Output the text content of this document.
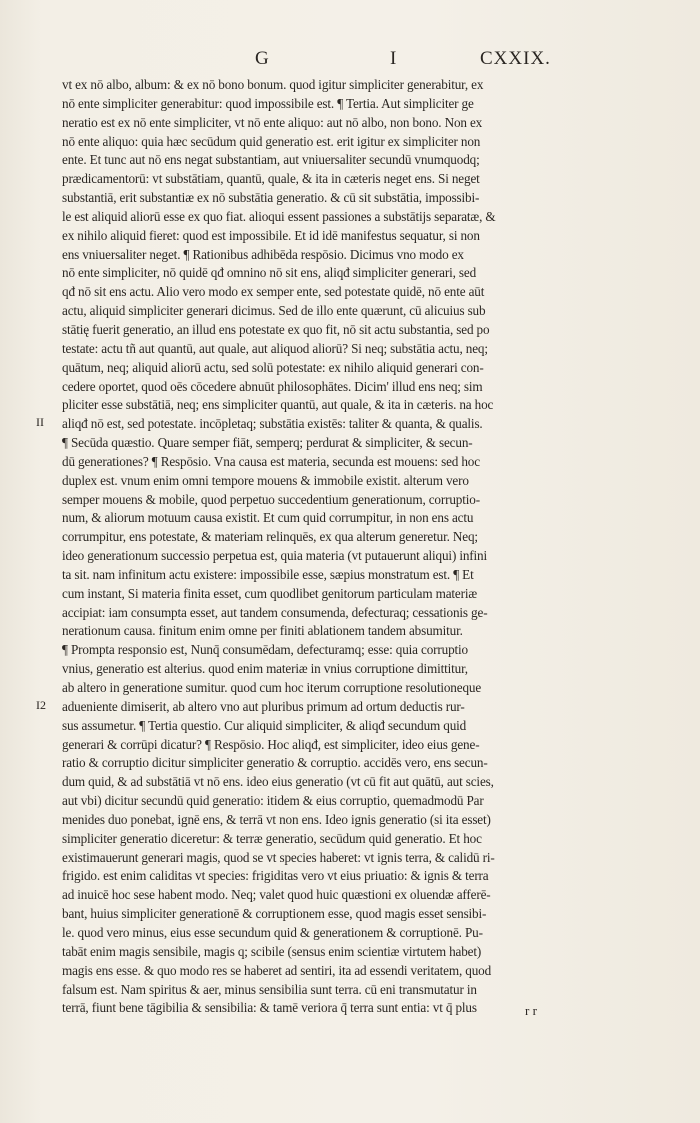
G	I	CXXIX.
vt ex nō albo, album: & ex nō bono bonum. quod igitur simpliciter generabitur, ex
nō ente simpliciter generabitur: quod impossibile est. ¶ Tertia. Aut simpliciter ge
neratio est ex nō ente simpliciter, vt nō ente aliquo: aut nō albo, non bono. Non ex
nō ente aliquo: quia hæc secūdum quid generatio est. erit igitur ex simpliciter non
ente. Et tunc aut nō ens negat substantiam, aut vniuersaliter secundū vnumquodq;
prædicamentorū: vt substātiam, quantū, quale, & ita in cæteris neget ens. Si neget
substantiā, erit substantiæ ex nō substātia generatio. & cū sit substātia, impossibi-
le est aliquid aliorū esse ex quo fiat. alioqui essent passiones a substātijs separatæ, &
ex nihilo aliquid fieret: quod est impossibile. Et id idē manifestus sequatur, si non
ens vniuersaliter neget. ¶ Rationibus adhibēda respōsio. Dicimus vno modo ex
nō ente simpliciter, nō quidē qđ omnino nō sit ens, aliqđ simpliciter generari, sed
qđ nō sit ens actu. Alio vero modo ex semper ente, sed potestate quidē, nō ente aūt
actu, aliquid simpliciter generari dicimus. Sed de illo ente quærunt, cū alicuius sub
stātię fuerit generatio, an illud ens potestate ex quo fit, nō sit actu substantia, sed po
testate: actu tñ aut quantū, aut quale, aut aliquod aliorū? Si neq; substātia actu, neq;
quātum, neq; aliquid aliorū actu, sed solū potestate: ex nihilo aliquid generari con-
cedere oportet, quod oēs cōcedere abnuūt philosophātes. Dicim' illud ens neq; sim
pliciter esse substātiā, neq; ens simpliciter quantū, aut quale, & ita in cæteris. na hoc
aliqđ nō est, sed potestate. incōpletaq; substātia existēs: taliter & quanta, & qualis.
¶ Secūda quæstio. Quare semper fiāt, semperq; perdurat & simpliciter, & secun-
dū generationes? ¶ Respōsio. Vna causa est materia, secunda est mouens: sed hoc
duplex est. vnum enim omni tempore mouens & immobile existit. alterum vero
semper mouens & mobile, quod perpetuo succedentium generationum, corruptio-
num, & aliorum motuum causa existit. Et cum quid corrumpitur, in non ens actu
corrumpitur, ens potestate, & materiam relinquēs, ex qua alterum generetur. Neq;
ideo generationum successio perpetua est, quia materia (vt putauerunt aliqui) infini
ta sit. nam infinitum actu existere: impossibile esse, sæpius monstratum est. ¶ Et
cum instant, Si materia finita esset, cum quodlibet genitorum particulam materiæ
accipiat: iam consumpta esset, aut tandem consumenda, defecturaq; cessationis ge-
nerationum causa. finitum enim omne per finiti ablationem tandem absumitur.
¶ Prompta responsio est, Nunq̄ consumēdam, defecturamq; esse: quia corruptio
vnius, generatio est alterius. quod enim materiæ in vnius corruptione dimittitur,
ab altero in generatione sumitur. quod cum hoc iterum corruptione resolutioneque
adueniente dimiserit, ab altero vno aut pluribus primum ad ortum deductis rur-
sus assumetur. ¶ Tertia questio. Cur aliquid simpliciter, & aliqđ secundum quid
generari & corrūpi dicatur? ¶ Respōsio. Hoc aliqđ, est simpliciter, ideo eius gene-
ratio & corruptio dicitur simpliciter generatio & corruptio. accidēs vero, ens secun-
dum quid, & ad substātiā vt nō ens. ideo eius generatio (vt cū fit aut quātū, aut scies,
aut vbi) dicitur secundū quid generatio: itidem & eius corruptio, quemadmodū Par
menides duo ponebat, ignē ens, & terrā vt non ens. Ideo ignis generatio (si ita esset)
simpliciter generatio diceretur: & terræ generatio, secūdum quid generatio. Et hoc
existimauerunt generari magis, quod se vt species haberet: vt ignis terra, & calidū ri-
frigido. est enim caliditas vt species: frigiditas vero vt eius priuatio: & ignis & terra
ad inuicē hoc sese habent modo. Neq; valet quod huic quæstioni ex oluendæ afferē-
bant, huius simpliciter generationē & corruptionem esse, quod magis esset sensibi-
le. quod vero minus, eius esse secundum quid & generationem & corruptionē. Pu-
tabāt enim magis sensibile, magis q; scibile (sensus enim scientiæ virtutem habet)
magis ens esse. & quo modo res se haberet ad sentiri, ita ad essendi veritatem, quod
falsum est. Nam spiritus & aer, minus sensibilia sunt terra. cū eni transmutatur in
terrā, fiunt bene tāgibilia & sensibilia: & tamē veriora q̄ terra sunt entia: vt q̄ plus
II
I2
r r
